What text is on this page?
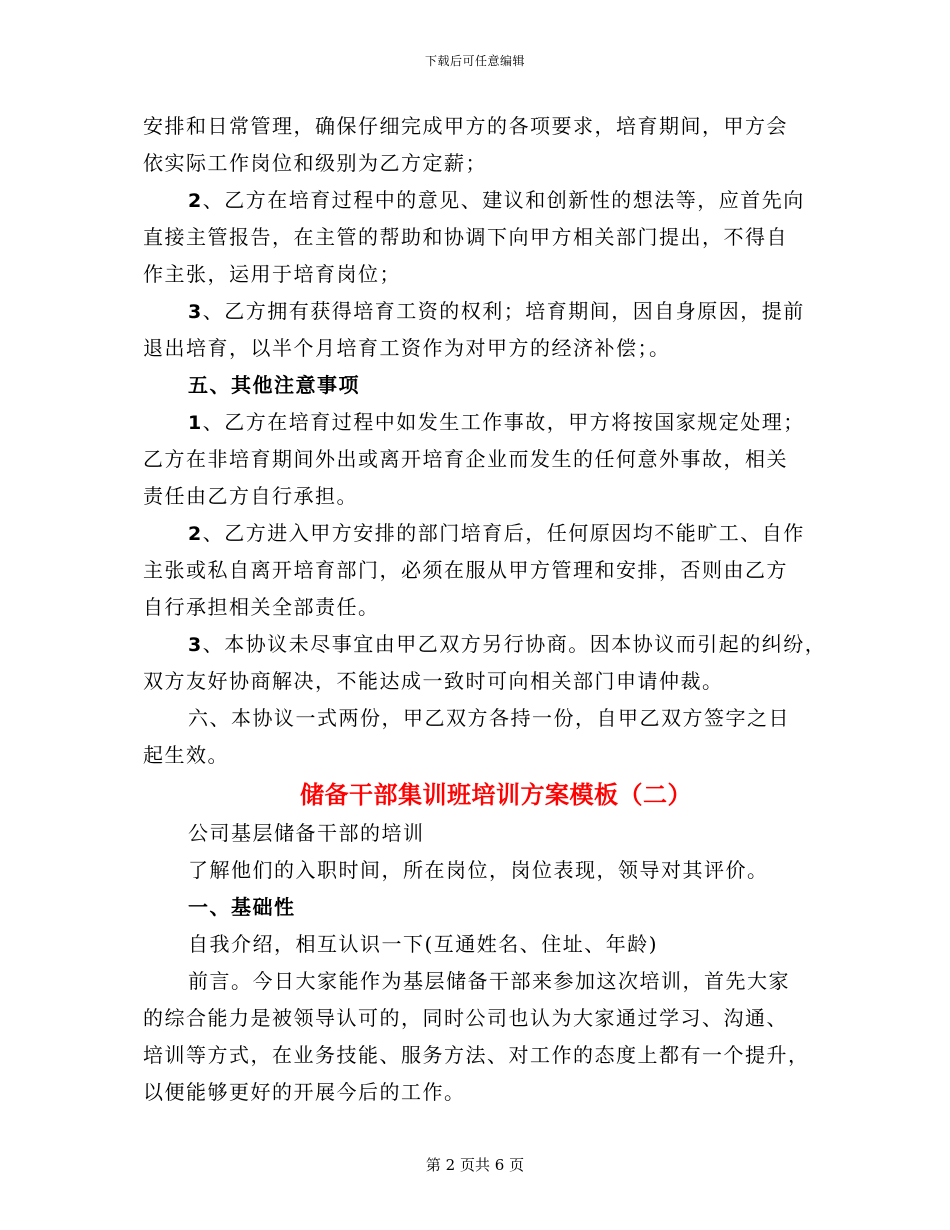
下载后可任意编辑
安排和日常管理，确保仔细完成甲方的各项要求，培育期间，甲方会
依实际工作岗位和级别为乙方定薪；
2、乙方在培育过程中的意见、建议和创新性的想法等，应首先向
直接主管报告，在主管的帮助和协调下向甲方相关部门提出，不得自
作主张，运用于培育岗位；
3、乙方拥有获得培育工资的权利；培育期间，因自身原因，提前
退出培育，以半个月培育工资作为对甲方的经济补偿；。
五、其他注意事项
1、乙方在培育过程中如发生工作事故，甲方将按国家规定处理；
乙方在非培育期间外出或离开培育企业而发生的任何意外事故，相关
责任由乙方自行承担。
2、乙方进入甲方安排的部门培育后，任何原因均不能旷工、自作
主张或私自离开培育部门，必须在服从甲方管理和安排，否则由乙方
自行承担相关全部责任。
3、本协议未尽事宜由甲乙双方另行协商。因本协议而引起的纠纷，
双方友好协商解决，不能达成一致时可向相关部门申请仲裁。
六、本协议一式两份，甲乙双方各持一份，自甲乙双方签字之日
起生效。
储备干部集训班培训方案模板（二）
公司基层储备干部的培训
了解他们的入职时间，所在岗位，岗位表现，领导对其评价。
一、基础性
自我介绍，相互认识一下(互通姓名、住址、年龄)
前言。今日大家能作为基层储备干部来参加这次培训，首先大家
的综合能力是被领导认可的，同时公司也认为大家通过学习、沟通、
培训等方式，在业务技能、服务方法、对工作的态度上都有一个提升，
以便能够更好的开展今后的工作。
第 2 页共 6 页
